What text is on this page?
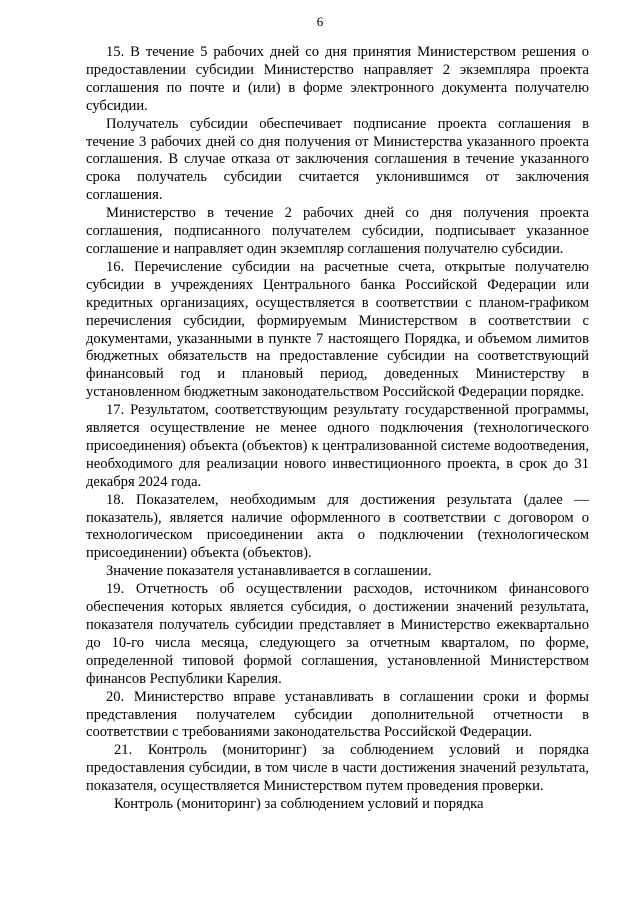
6

15. В течение 5 рабочих дней со дня принятия Министерством решения о предоставлении субсидии Министерство направляет 2 экземпляра проекта соглашения по почте и (или) в форме электронного документа получателю субсидии.

Получатель субсидии обеспечивает подписание проекта соглашения в течение 3 рабочих дней со дня получения от Министерства указанного проекта соглашения. В случае отказа от заключения соглашения в течение указанного срока получатель субсидии считается уклонившимся от заключения соглашения.

Министерство в течение 2 рабочих дней со дня получения проекта соглашения, подписанного получателем субсидии, подписывает указанное соглашение и направляет один экземпляр соглашения получателю субсидии.

16. Перечисление субсидии на расчетные счета, открытые получателю субсидии в учреждениях Центрального банка Российской Федерации или кредитных организациях, осуществляется в соответствии с планом-графиком перечисления субсидии, формируемым Министерством в соответствии с документами, указанными в пункте 7 настоящего Порядка, и объемом лимитов бюджетных обязательств на предоставление субсидии на соответствующий финансовый год и плановый период, доведенных Министерству в установленном бюджетным законодательством Российской Федерации порядке.

17. Результатом, соответствующим результату государственной программы, является осуществление не менее одного подключения (технологического присоединения) объекта (объектов) к централизованной системе водоотведения, необходимого для реализации нового инвестиционного проекта, в срок до 31 декабря 2024 года.

18. Показателем, необходимым для достижения результата (далее — показатель), является наличие оформленного в соответствии с договором о технологическом присоединении акта о подключении (технологическом присоединении) объекта (объектов).

Значение показателя устанавливается в соглашении.

19. Отчетность об осуществлении расходов, источником финансового обеспечения которых является субсидия, о достижении значений результата, показателя получатель субсидии представляет в Министерство ежеквартально до 10-го числа месяца, следующего за отчетным кварталом, по форме, определенной типовой формой соглашения, установленной Министерством финансов Республики Карелия.

20. Министерство вправе устанавливать в соглашении сроки и формы представления получателем субсидии дополнительной отчетности в соответствии с требованиями законодательства Российской Федерации.

21. Контроль (мониторинг) за соблюдением условий и порядка предоставления субсидии, в том числе в части достижения значений результата, показателя, осуществляется Министерством путем проведения проверки.

Контроль (мониторинг) за соблюдением условий и порядка
